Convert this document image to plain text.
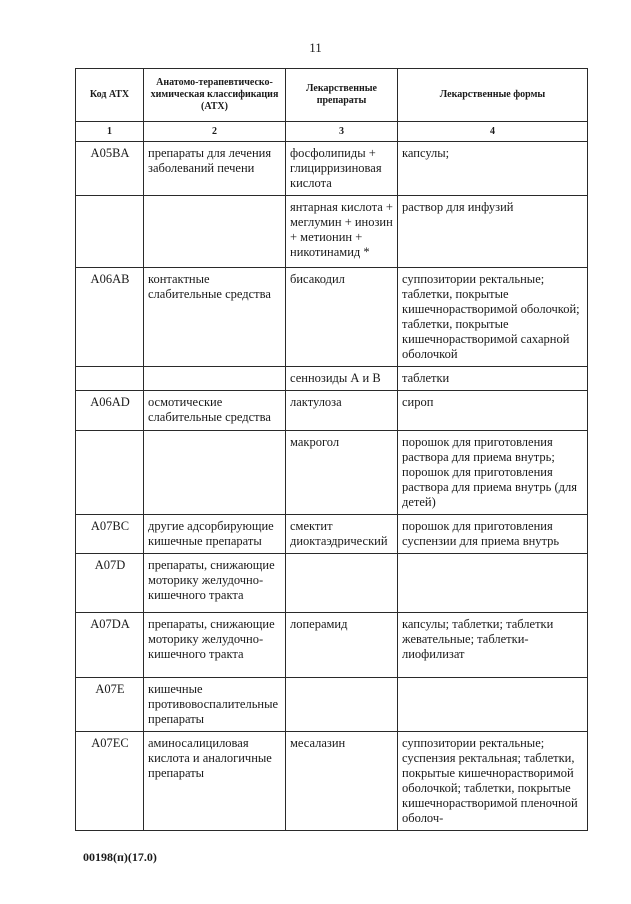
11
Код АТХ	Анатомо-терапевтическо-химическая классификация (АТХ)	Лекарственные препараты	Лекарственные формы
1	2	3	4
A05BA	препараты для лечения заболеваний печени	фосфолипиды + глицирризиновая кислота	капсулы;
		янтарная кислота + меглумин + инозин + метионин + никотинамид *	раствор для инфузий
A06AB	контактные слабительные средства	бисакодил	суппозитории ректальные; таблетки, покрытые кишечнорастворимой оболочкой; таблетки, покрытые кишечнорастворимой сахарной оболочкой
		сеннозиды А и В	таблетки
A06AD	осмотические слабительные средства	лактулоза	сироп
		макрогол	порошок для приготовления раствора для приема внутрь; порошок для приготовления раствора для приема внутрь (для детей)
A07BC	другие адсорбирующие кишечные препараты	смектит диоктаэдрический	порошок для приготовления суспензии для приема внутрь
A07D	препараты, снижающие моторику желудочно-кишечного тракта		
A07DA	препараты, снижающие моторику желудочно-кишечного тракта	лоперамид	капсулы; таблетки; таблетки жевательные; таблетки-лиофилизат
A07E	кишечные противовоспалительные препараты		
A07EC	аминосалициловая кислота и аналогичные препараты	месалазин	суппозитории ректальные; суспензия ректальная; таблетки, покрытые кишечнорастворимой оболочкой; таблетки, покрытые кишечнорастворимой пленочной оболоч-
00198(п)(17.0)
